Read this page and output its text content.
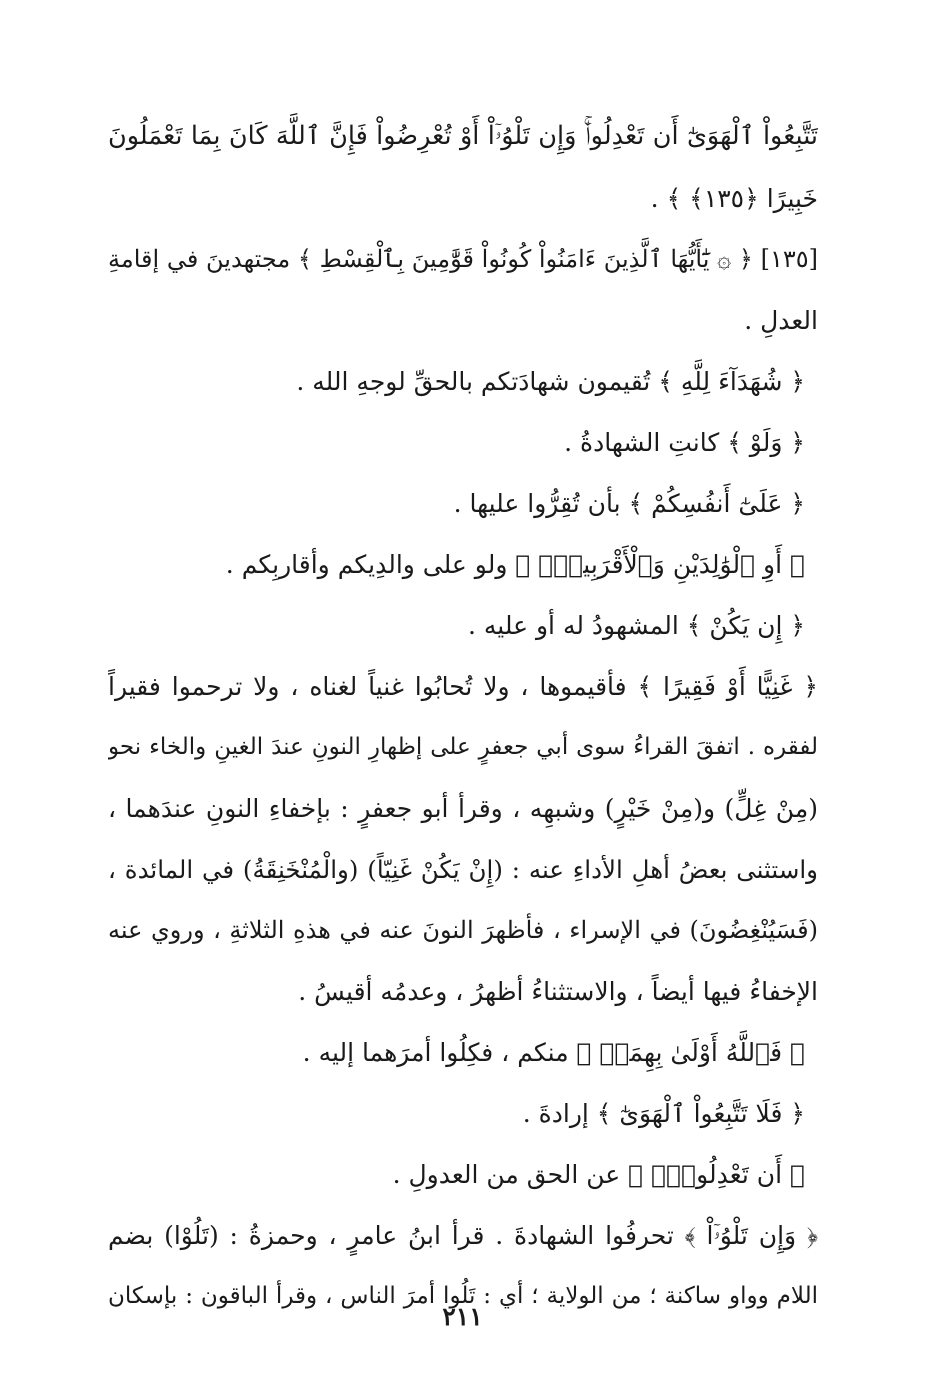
تَتَّبِعُواْ ٱلْهَوَىٰٓ أَن تَعْدِلُواْۚ وَإِن تَلْوُۥٓاْ أَوْ تُعْرِضُواْ فَإِنَّ ٱللَّهَ كَانَ بِمَا تَعْمَلُونَ
خَبِيرًا ﴿١٣٥﴾ ﴾ .
[١٣٥] ﴿ ۞ يَٰٓأَيُّهَا ٱلَّذِينَ ءَامَنُواْ كُونُواْ قَوَّٰمِينَ بِٱلْقِسْطِ ﴾ مجتهدينَ في إقامةِ
العدلِ .
﴿ شُهَدَآءَ لِلَّهِ ﴾ تُقيمون شهادَتكم بالحقِّ لوجهِ الله .
﴿ وَلَوْ ﴾ كانتِ الشهادةُ .
﴿ عَلَىٰٓ أَنفُسِكُمْ ﴾ بأن تُقِرُّوا عليها .
﴿ أَوِ ٱلْوَٰلِدَيْنِ وَٱلْأَقْرَبِينَۚ ﴾ ولو على والدِيكم وأقاربِكم .
﴿ إِن يَكُنْ ﴾ المشهودُ له أو عليه .
﴿ غَنِيًّا أَوْ فَقِيرًا ﴾ فأقيموها ، ولا تُحابُوا غنياً لغناه ، ولا ترحموا فقيراً
لفقره . اتفقَ القراءُ سوى أبي جعفرٍ على إظهارِ النونِ عندَ الغينِ والخاء نحو
(مِنْ غِلٍّ) و(مِنْ خَيْرٍ) وشبهِه ، وقرأ أبو جعفرٍ : بإخفاءِ النونِ عندَهما ،
واستثنى بعضُ أهلِ الأداءِ عنه : (إِنْ يَكُنْ غَنِيّاً) (والْمُنْخَنِقَةُ) في المائدة ،
(فَسَيُنْغِضُونَ) في الإسراء ، فأظهرَ النونَ عنه في هذهِ الثلاثةِ ، وروي عنه
الإخفاءُ فيها أيضاً ، والاستثناءُ أظهرُ ، وعدمُه أقيسُ .
﴿ فَٱللَّهُ أَوْلَىٰ بِهِمَاۖ ﴾ منكم ، فكِلُوا أمرَهما إليه .
﴿ فَلَا تَتَّبِعُواْ ٱلْهَوَىٰٓ ﴾ إرادةَ .
﴿ أَن تَعْدِلُواْۚ ﴾ عن الحق من العدولِ .
﴿ وَإِن تَلْوُۥٓاْ ﴾ تحرفُوا الشهادةَ . قرأ ابنُ عامرٍ ، وحمزةُ : (تَلُوْا) بضم
اللام وواو ساكنة ؛ من الولاية ؛ أي : تَلُوا أمرَ الناس ، وقرأ الباقون : بإسكان
٢١١
